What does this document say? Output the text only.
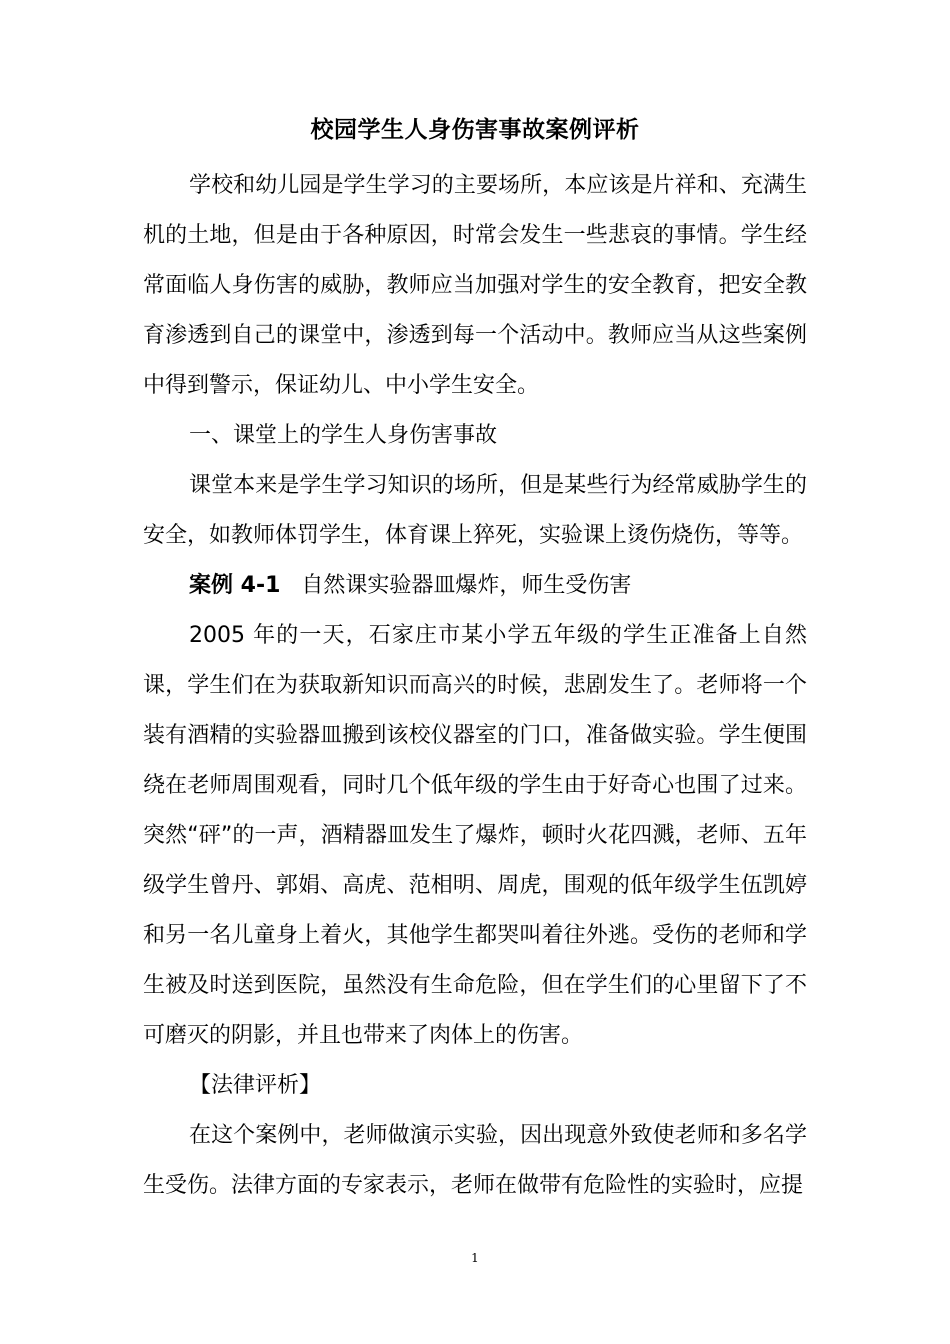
校园学生人身伤害事故案例评析

学校和幼儿园是学生学习的主要场所，本应该是片祥和、充满生机的土地，但是由于各种原因，时常会发生一些悲哀的事情。学生经常面临人身伤害的威胁，教师应当加强对学生的安全教育，把安全教育渗透到自己的课堂中，渗透到每一个活动中。教师应当从这些案例中得到警示，保证幼儿、中小学生安全。

一、课堂上的学生人身伤害事故

课堂本来是学生学习知识的场所，但是某些行为经常威胁学生的安全，如教师体罚学生，体育课上猝死，实验课上烫伤烧伤，等等。

案例 4-1 自然课实验器皿爆炸，师生受伤害

2005 年的一天，石家庄市某小学五年级的学生正准备上自然课，学生们在为获取新知识而高兴的时候，悲剧发生了。老师将一个装有酒精的实验器皿搬到该校仪器室的门口，准备做实验。学生便围绕在老师周围观看，同时几个低年级的学生由于好奇心也围了过来。突然“砰”的一声，酒精器皿发生了爆炸，顿时火花四溅，老师、五年级学生曾丹、郭娟、高虎、范相明、周虎，围观的低年级学生伍凯婷和另一名儿童身上着火，其他学生都哭叫着往外逃。受伤的老师和学生被及时送到医院，虽然没有生命危险，但在学生们的心里留下了不可磨灭的阴影，并且也带来了肉体上的伤害。

【法律评析】

在这个案例中，老师做演示实验，因出现意外致使老师和多名学生受伤。法律方面的专家表示，老师在做带有危险性的实验时，应提

1
